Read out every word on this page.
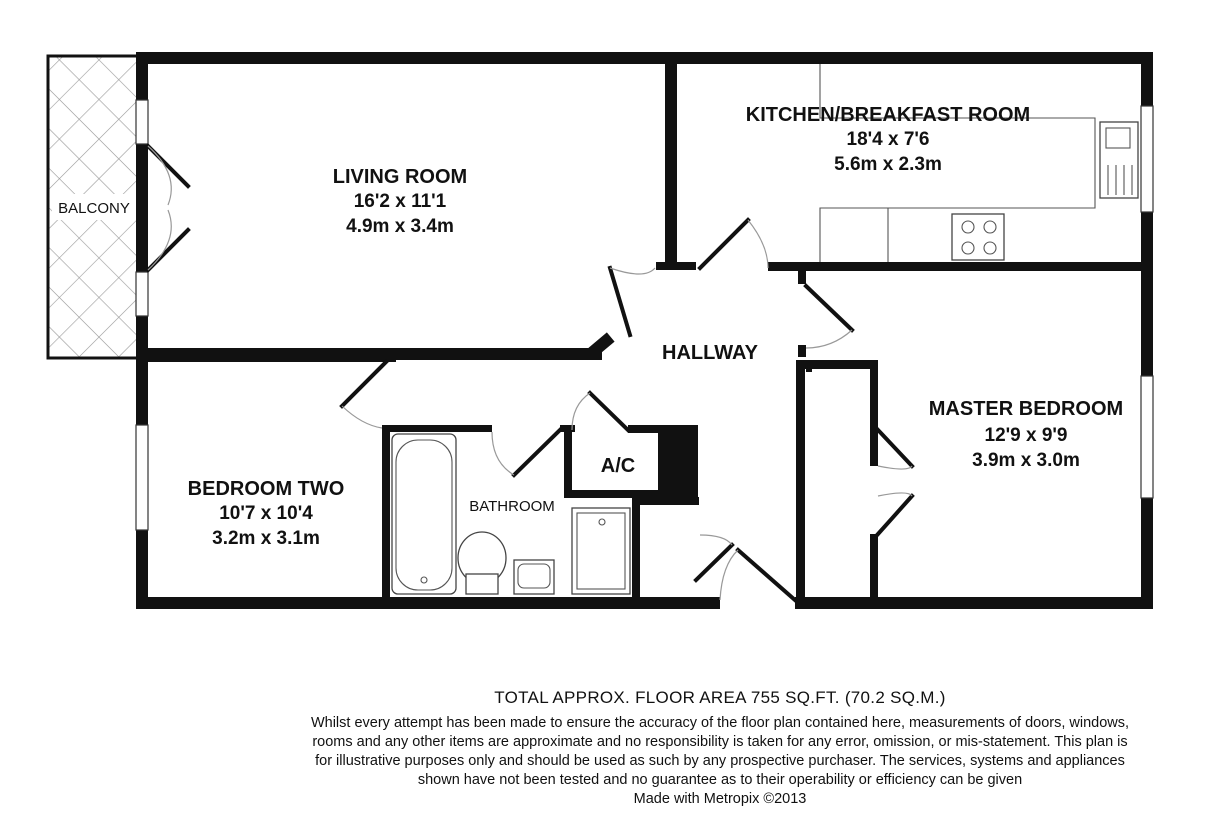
LIVING ROOM
16'2 x 11'1
4.9m x 3.4m
KITCHEN/BREAKFAST ROOM
18'4 x 7'6
5.6m x 2.3m
HALLWAY
MASTER BEDROOM
12'9 x 9'9
3.9m x 3.0m
BEDROOM TWO
10'7 x 10'4
3.2m x 3.1m
BATHROOM
A/C
BALCONY
TOTAL APPROX. FLOOR AREA 755 SQ.FT. (70.2 SQ.M.)
Whilst every attempt has been made to ensure the accuracy of the floor plan contained here, measurements of doors, windows, rooms and any other items are approximate and no responsibility is taken for any error, omission, or mis-statement. This plan is for illustrative purposes only and should be used as such by any prospective purchaser. The services, systems and appliances shown have not been tested and no guarantee as to their operability or efficiency can be given
Made with Metropix ©2013
